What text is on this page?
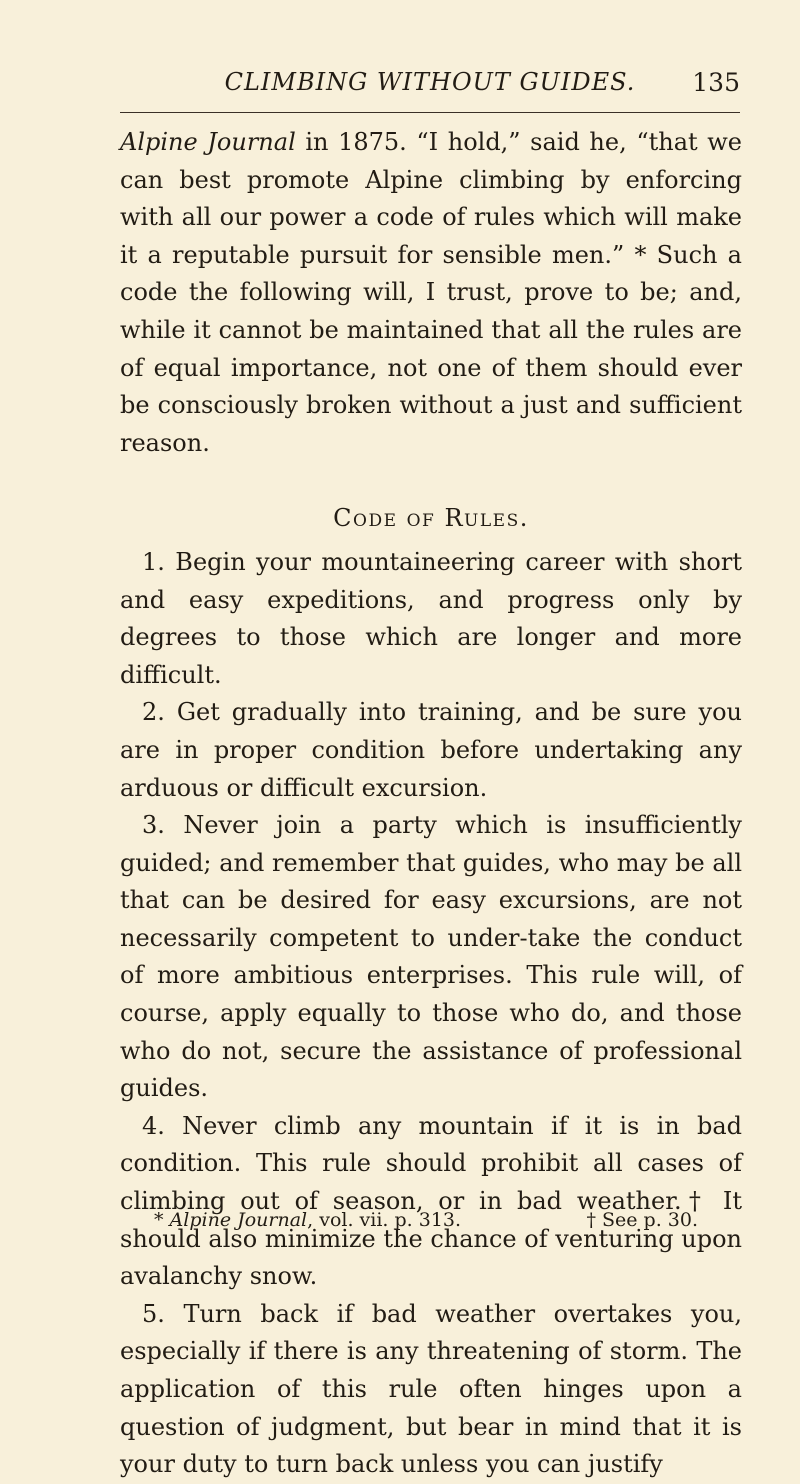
CLIMBING WITHOUT GUIDES.	135

Alpine Journal in 1875. “I hold,” said he, “that we can best promote Alpine climbing by enforcing with all our power a code of rules which will make it a reputable pursuit for sensible men.” * Such a code the following will, I trust, prove to be; and, while it cannot be maintained that all the rules are of equal importance, not one of them should ever be consciously broken without a just and sufficient reason.

Code of Rules.

1. Begin your mountaineering career with short and easy expeditions, and progress only by degrees to those which are longer and more difficult.

2. Get gradually into training, and be sure you are in proper condition before undertaking any arduous or difficult excursion.

3. Never join a party which is insufficiently guided; and remember that guides, who may be all that can be desired for easy excursions, are not necessarily competent to under-take the conduct of more ambitious enterprises. This rule will, of course, apply equally to those who do, and those who do not, secure the assistance of professional guides.

4. Never climb any mountain if it is in bad condition. This rule should prohibit all cases of climbing out of season, or in bad weather.† It should also minimize the chance of venturing upon avalanchy snow.

5. Turn back if bad weather overtakes you, especially if there is any threatening of storm. The application of this rule often hinges upon a question of judgment, but bear in mind that it is your duty to turn back unless you can justify

* Alpine Journal, vol. vii. p. 313.	† See p. 30.
